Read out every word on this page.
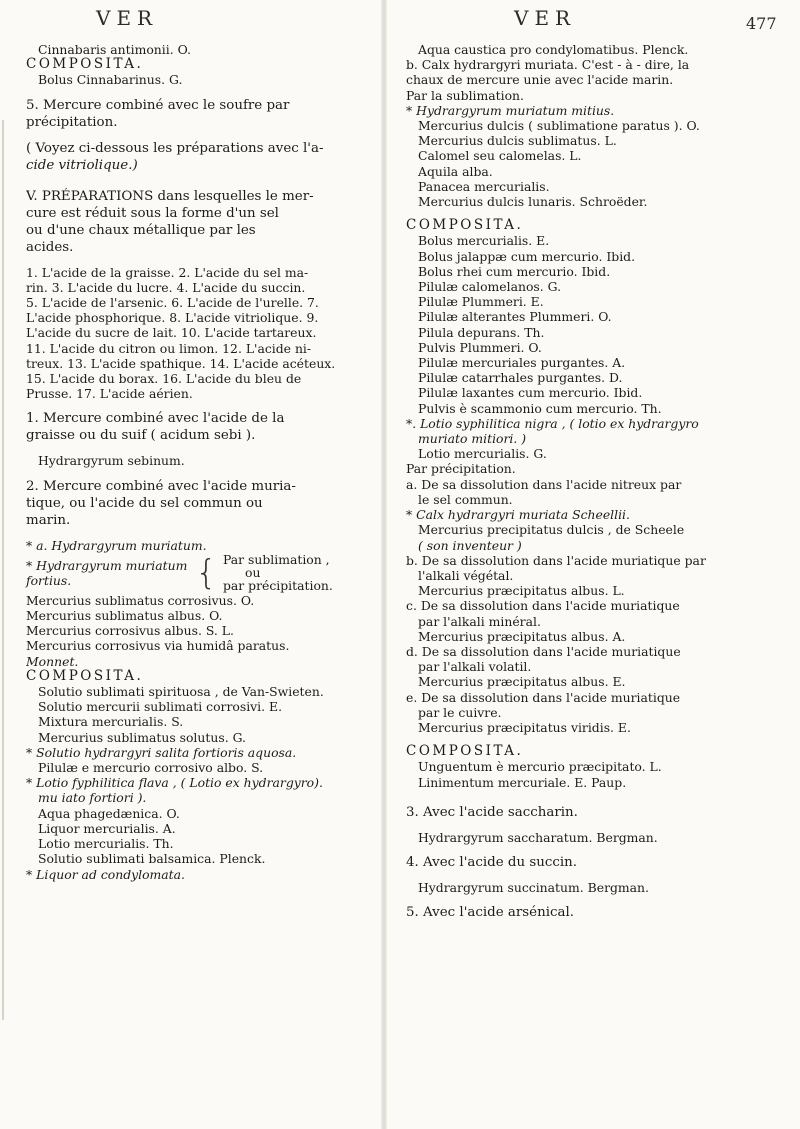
VER	VER	477
Cinnabaris antimonii. O.
COMPOSITA.
Bolus Cinnabarinus. G.
5. Mercure combiné avec le soufre par
précipitation.
( Voyez ci-dessous les préparations avec l'a-
cide vitriolique.)
V. PRÉPARATIONS dans lesquelles le mer-
cure est réduit sous la forme d'un sel
ou d'une chaux métallique par les
acides.
1. L'acide de la graisse. 2. L'acide du sel ma-
rin. 3. L'acide du lucre. 4. L'acide du succin.
5. L'acide de l'arsenic. 6. L'acide de l'urelle. 7.
L'acide phosphorique. 8. L'acide vitriolique. 9.
L'acide du sucre de lait. 10. L'acide tartareux.
11. L'acide du citron ou limon. 12. L'acide ni-
treux. 13. L'acide spathique. 14. L'acide acéteux.
15. L'acide du borax. 16. L'acide du bleu de
Prusse. 17. L'acide aérien.
1. Mercure combiné avec l'acide de la
graisse ou du suif ( acidum sebi ).
Hydrargyrum sebinum.
2. Mercure combiné avec l'acide muria-
tique, ou l'acide du sel commun ou
marin.
* a. Hydrargyrum muriatum.
* Hydrargyrum muriatum
fortius.	{ Par sublimation ,
ou
par précipitation.
Mercurius sublimatus corrosivus. O.
Mercurius sublimatus albus. O.
Mercurius corrosivus albus. S. L.
Mercurius corrosivus via humidâ paratus.
Monnet.
COMPOSITA.
Solutio sublimati spirituosa , de Van-Swieten.
Solutio mercurii sublimati corrosivi. E.
Mixtura mercurialis. S.
Mercurius sublimatus solutus. G.
* Solutio hydrargyri salita fortioris aquosa.
Pilulæ e mercurio corrosivo albo. S.
* Lotio fyphilitica flava , ( Lotio ex hydrargyro).
mu iato fortiori ).
Aqua phagedænica. O.
Liquor mercurialis. A.
Lotio mercurialis. Th.
Solutio sublimati balsamica. Plenck.
* Liquor ad condylomata.
Aqua caustica pro condylomatibus. Plenck.
b. Calx hydrargyri muriata. C'est - à - dire, la
chaux de mercure unie avec l'acide marin.
Par la sublimation.
* Hydrargyrum muriatum mitius.
Mercurius dulcis ( sublimatione paratus ). O.
Mercurius dulcis sublimatus. L.
Calomel seu calomelas. L.
Aquila alba.
Panacea mercurialis.
Mercurius dulcis lunaris. Schroëder.
COMPOSITA.
Bolus mercurialis. E.
Bolus jalappæ cum mercurio. Ibid.
Bolus rhei cum mercurio. Ibid.
Pilulæ calomelanos. G.
Pilulæ Plummeri. E.
Pilulæ alterantes Plummeri. O.
Pilula depurans. Th.
Pulvis Plummeri. O.
Pilulæ mercuriales purgantes. A.
Pilulæ catarrhales purgantes. D.
Pilulæ laxantes cum mercurio. Ibid.
Pulvis è scammonio cum mercurio. Th.
*. Lotio syphilitica nigra , ( lotio ex hydrargyro
muriato mitiori. )
Lotio mercurialis. G.
Par précipitation.
a. De sa dissolution dans l'acide nitreux par
le sel commun.
* Calx hydrargyri muriata Scheellii.
Mercurius precipitatus dulcis , de Scheele
( son inventeur )
b. De sa dissolution dans l'acide muriatique par
l'alkali végétal.
Mercurius præcipitatus albus. L.
c. De sa dissolution dans l'acide muriatique
par l'alkali minéral.
Mercurius præcipitatus albus. A.
d. De sa dissolution dans l'acide muriatique
par l'alkali volatil.
Mercurius præcipitatus albus. E.
e. De sa dissolution dans l'acide muriatique
par le cuivre.
Mercurius præcipitatus viridis. E.
COMPOSITA.
Unguentum è mercurio præcipitato. L.
Linimentum mercuriale. E. Paup.
3. Avec l'acide saccharin.
Hydrargyrum saccharatum. Bergman.
4. Avec l'acide du succin.
Hydrargyrum succinatum. Bergman.
5. Avec l'acide arsénical.
